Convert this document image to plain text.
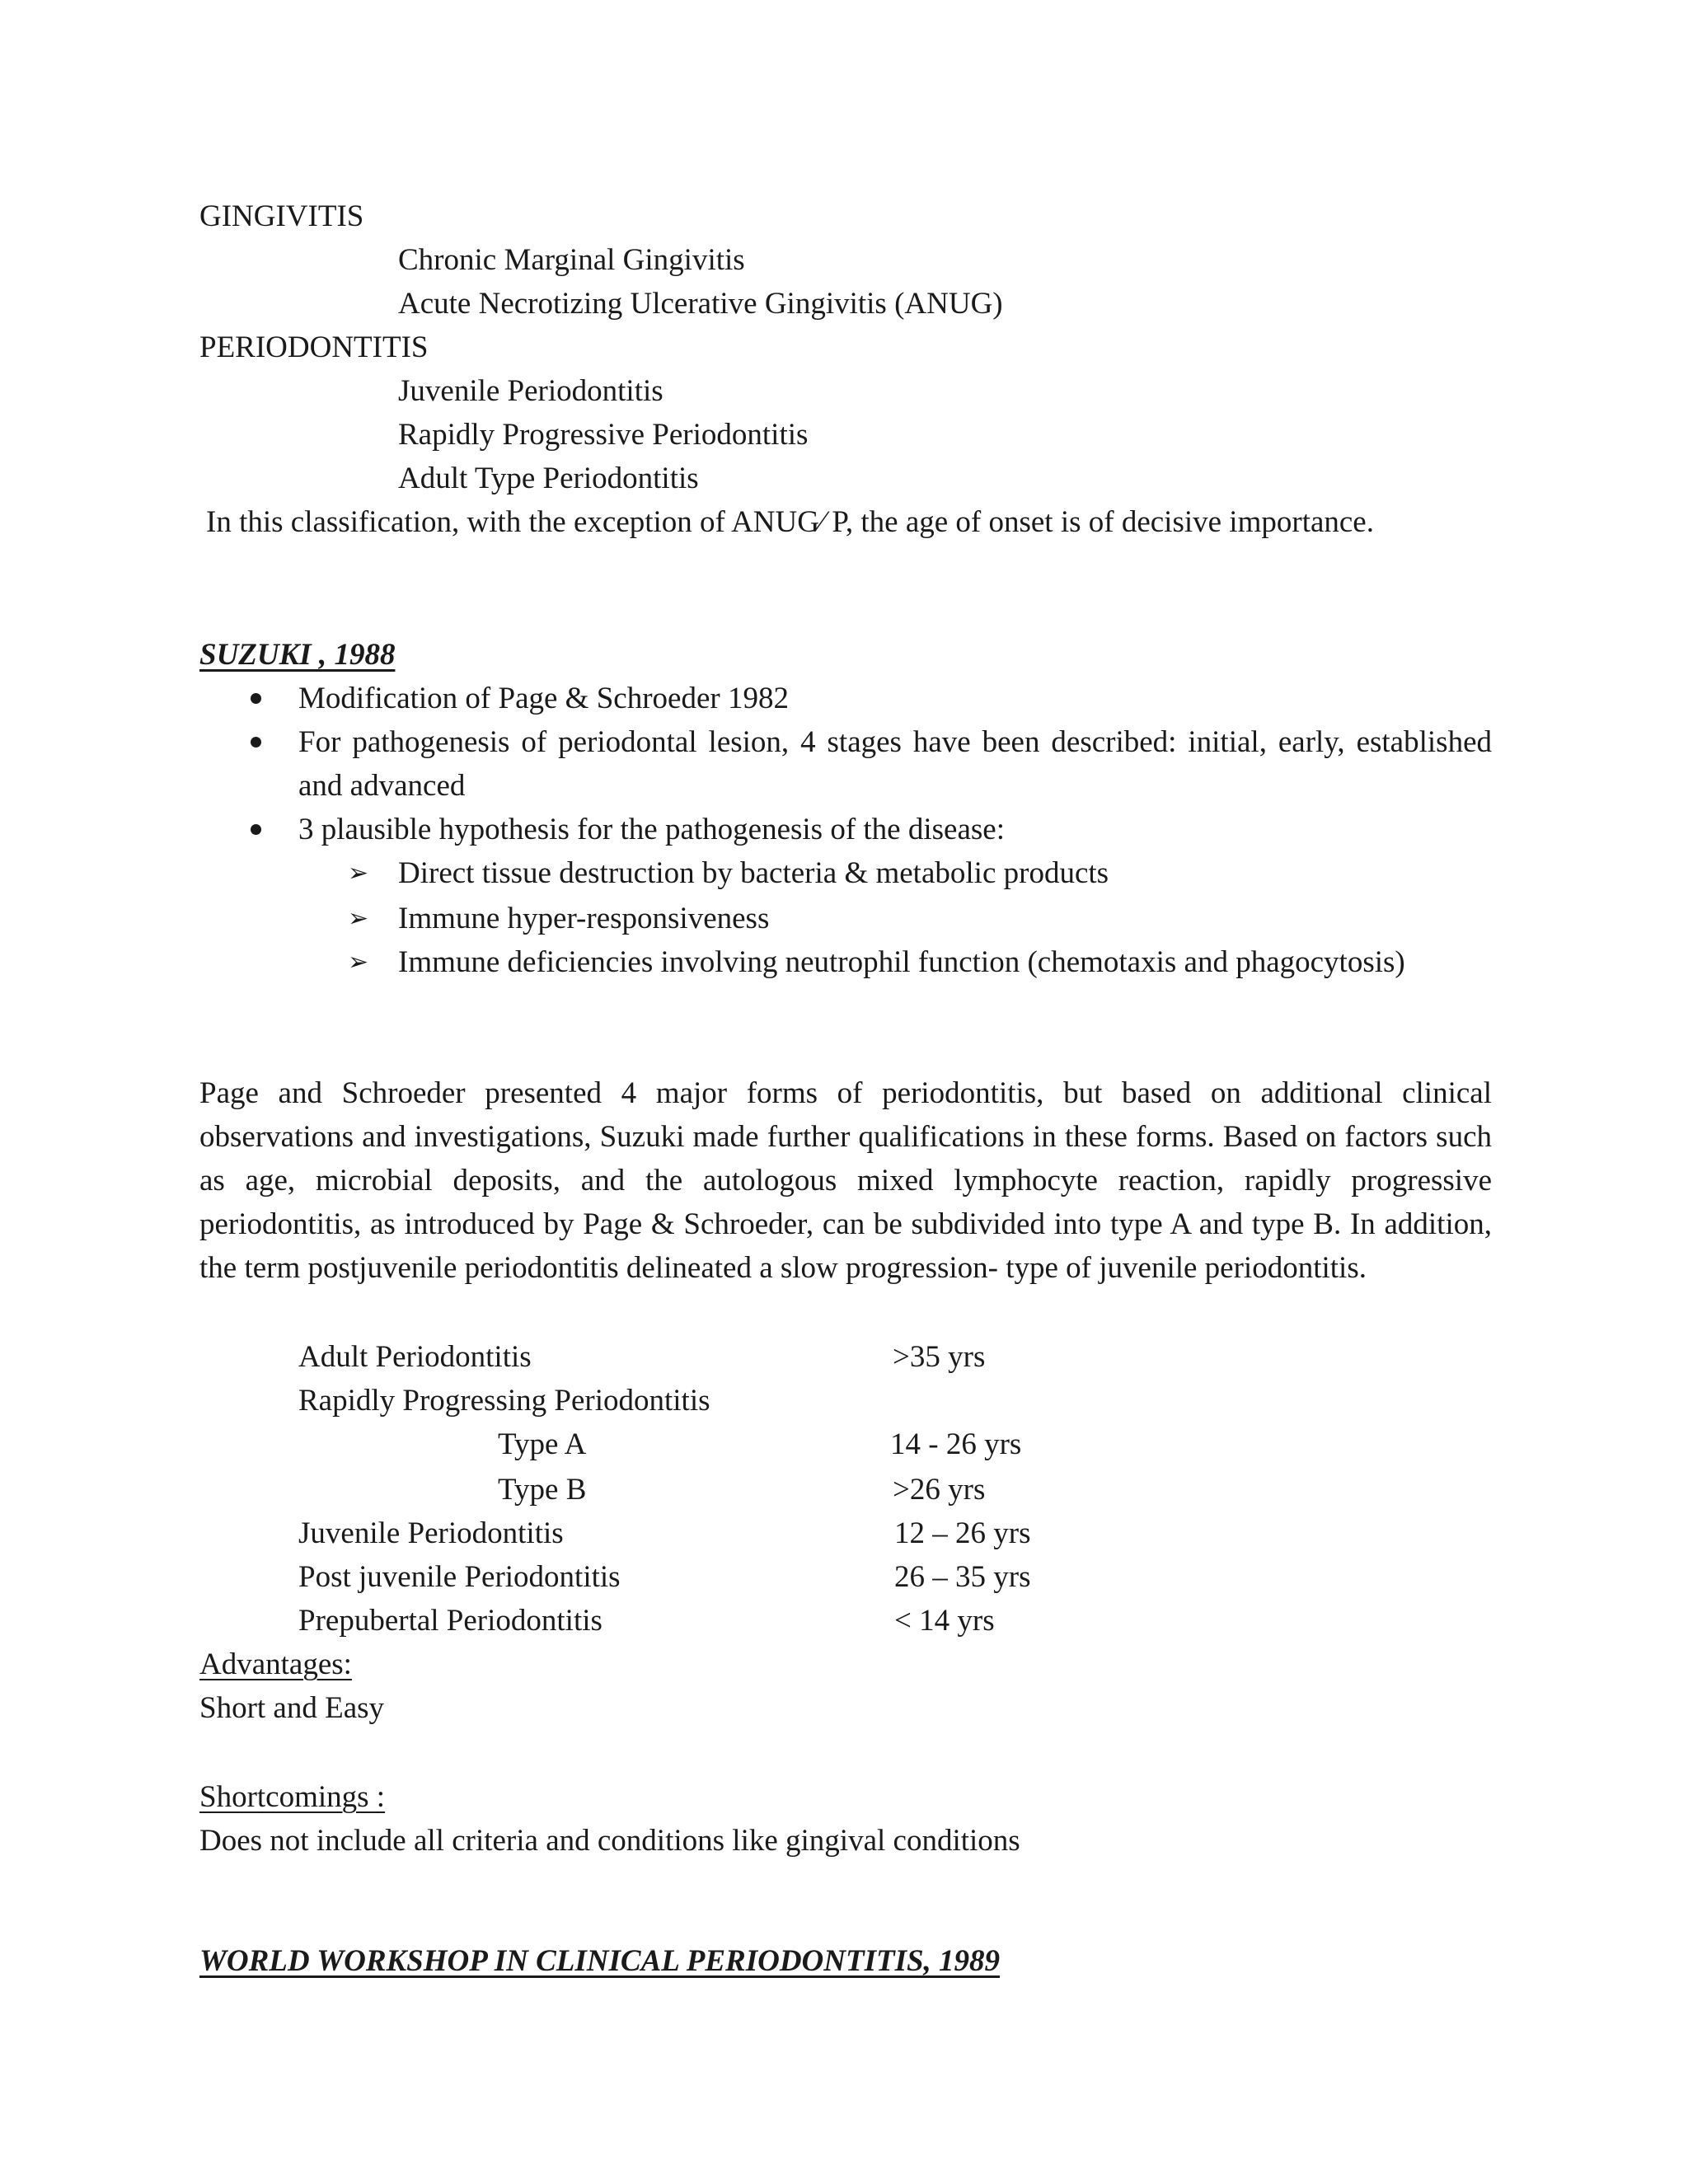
GINGIVITIS
Chronic Marginal Gingivitis
Acute Necrotizing Ulcerative Gingivitis (ANUG)
PERIODONTITIS
Juvenile Periodontitis
Rapidly Progressive Periodontitis
Adult Type Periodontitis
In this classification, with the exception of ANUG⁄ P, the age of onset is of decisive importance.
SUZUKI , 1988
Modification of Page & Schroeder 1982
For pathogenesis of periodontal lesion, 4 stages have been described: initial, early, established and advanced
3 plausible hypothesis for the pathogenesis of the disease:
➢ Direct tissue destruction by bacteria & metabolic products
➢ Immune hyper-responsiveness
➢ Immune deficiencies involving neutrophil function (chemotaxis and phagocytosis)
Page and Schroeder presented 4 major forms of periodontitis, but based on additional clinical observations and investigations, Suzuki made further qualifications in these forms. Based on factors such as age, microbial deposits, and the autologous mixed lymphocyte reaction, rapidly progressive periodontitis, as introduced by Page & Schroeder, can be subdivided into type A and type B. In addition, the term postjuvenile periodontitis delineated a slow progression- type of juvenile periodontitis.
Adult Periodontitis	>35 yrs
Rapidly Progressing Periodontitis
Type A	14 - 26 yrs
Type B	>26 yrs
Juvenile Periodontitis	12 – 26 yrs
Post juvenile Periodontitis	26 – 35 yrs
Prepubertal Periodontitis	< 14 yrs
Advantages:
Short and Easy
Shortcomings :
Does not include all criteria and conditions like gingival conditions
WORLD WORKSHOP IN CLINICAL PERIODONTITIS, 1989
